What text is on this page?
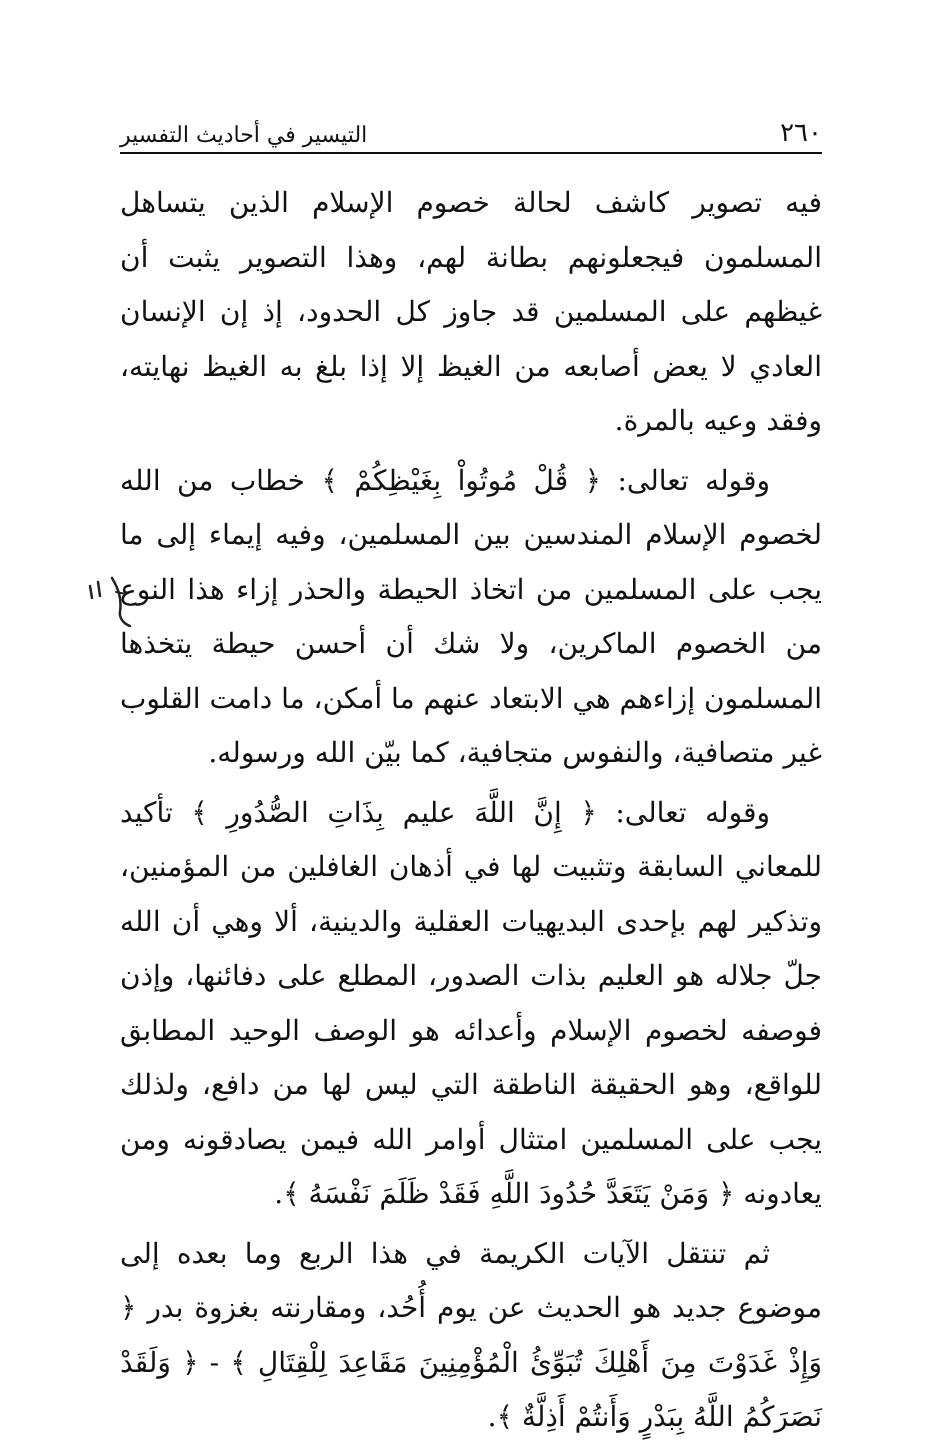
٢٦٠
التيسير في أحاديث التفسير

فيه تصوير كاشف لحالة خصوم الإسلام الذين يتساهل المسلمون فيجعلونهم بطانة لهم، وهذا التصوير يثبت أن غيظهم على المسلمين قد جاوز كل الحدود، إذ إن الإنسان العادي لا يعض أصابعه من الغيظ إلا إذا بلغ به الغيظ نهايته، وفقد وعيه بالمرة.

وقوله تعالى: ﴿ قُلْ مُوتُواْ بِغَيْظِكُمْ ﴾ خطاب من الله لخصوم الإسلام المندسين بين المسلمين، وفيه إيماء إلى ما يجب على المسلمين من اتخاذ الحيطة والحذر إزاء هذا النوع من الخصوم الماكرين، ولا شك أن أحسن حيطة يتخذها المسلمون إزاءهم هي الابتعاد عنهم ما أمكن، ما دامت القلوب غير متصافية، والنفوس متجافية، كما بيّن الله ورسوله.

وقوله تعالى: ﴿ إِنَّ اللَّهَ عليم بِذَاتِ الصُّدُورِ ﴾ تأكيد للمعاني السابقة وتثبيت لها في أذهان الغافلين من المؤمنين، وتذكير لهم بإحدى البديهيات العقلية والدينية، ألا وهي أن الله جلّ جلاله هو العليم بذات الصدور، المطلع على دفائنها، وإذن فوصفه لخصوم الإسلام وأعدائه هو الوصف الوحيد المطابق للواقع، وهو الحقيقة الناطقة التي ليس لها من دافع، ولذلك يجب على المسلمين امتثال أوامر الله فيمن يصادقونه ومن يعادونه ﴿ وَمَنْ يَتَعَدَّ حُدُودَ اللَّهِ فَقَدْ ظَلَمَ نَفْسَهُ ﴾.

ثم تنتقل الآيات الكريمة في هذا الربع وما بعده إلى موضوع جديد هو الحديث عن يوم أُحُد، ومقارنته بغزوة بدر ﴿ وَإِذْ غَدَوْتَ مِنَ أَهْلِكَ تُبَوِّئُ الْمُؤْمِنِينَ مَقَاعِدَ لِلْقِتَالِ ﴾ - ﴿ وَلَقَدْ نَصَرَكُمُ اللَّهُ بِبَدْرٍ وَأَنتُمْ أَذِلَّةٌ ﴾.
